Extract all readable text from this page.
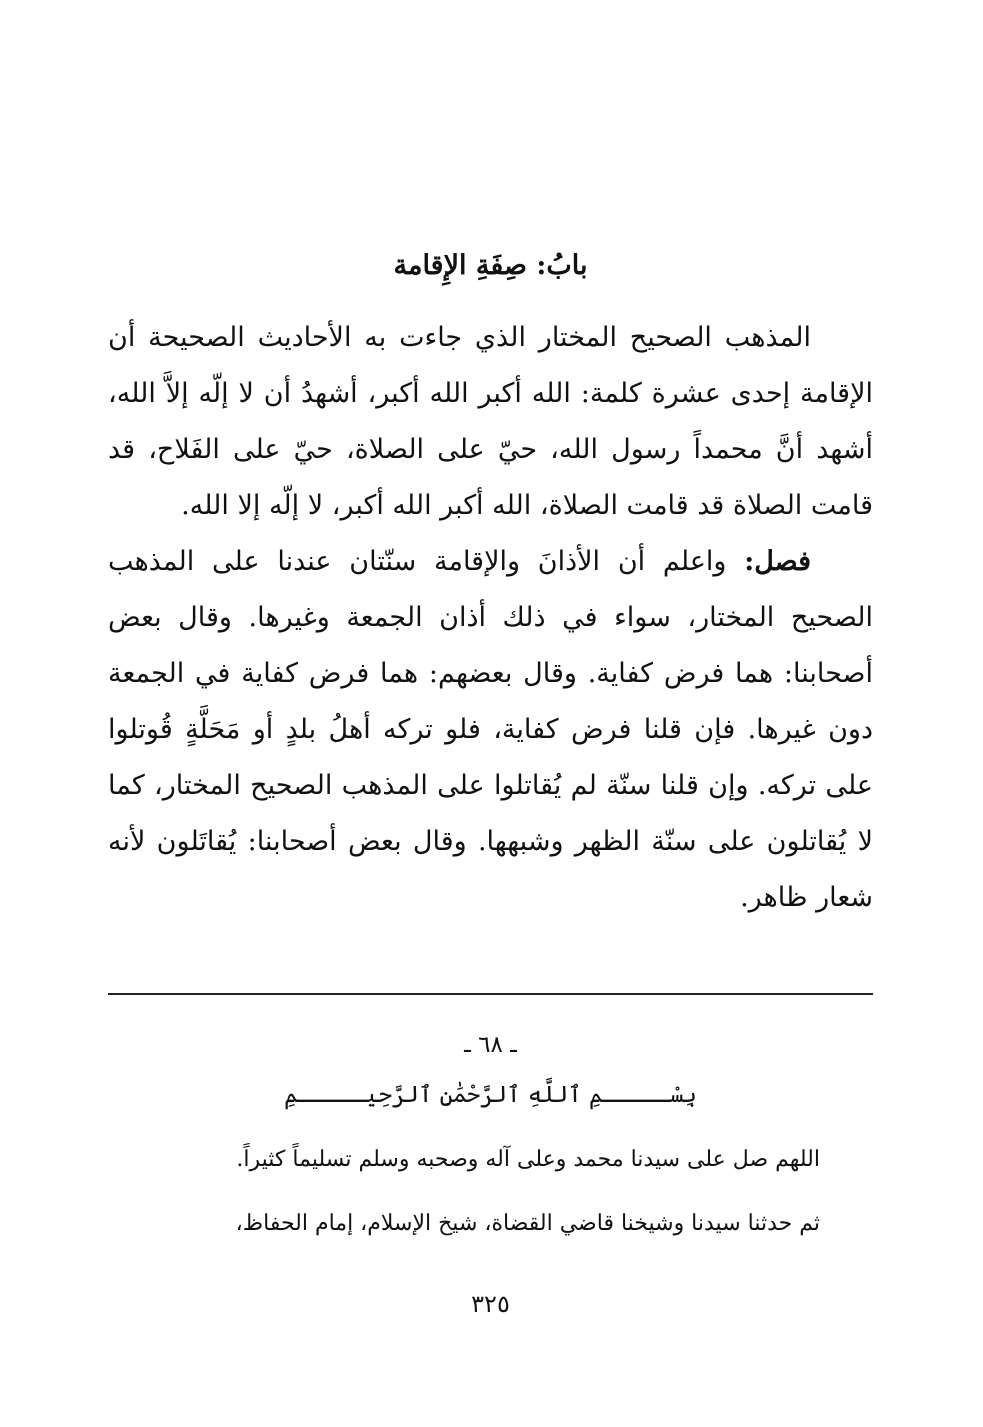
بابُ: صِفَةِ الإِقامة

المذهب الصحيح المختار الذي جاءت به الأحاديث الصحيحة أن الإقامة إحدى عشرة كلمة: الله أكبر الله أكبر، أشهدُ أن لا إلّه إلاَّ الله، أشهد أنَّ محمداً رسول الله، حيّ على الصلاة، حيّ على الفَلاح، قد قامت الصلاة قد قامت الصلاة، الله أكبر الله أكبر، لا إلّه إلا الله.

فصل: واعلم أن الأذانَ والإقامة سنّتان عندنا على المذهب الصحيح المختار، سواء في ذلك أذان الجمعة وغيرها. وقال بعض أصحابنا: هما فرض كفاية. وقال بعضهم: هما فرض كفاية في الجمعة دون غيرها. فإن قلنا فرض كفاية، فلو تركه أهلُ بلدٍ أو مَحَلَّةٍ قُوتلوا على تركه. وإن قلنا سنّة لم يُقاتلوا على المذهب الصحيح المختار، كما لا يُقاتلون على سنّة الظهر وشبهها. وقال بعض أصحابنا: يُقاتَلون لأنه شعار ظاهر.

ـ ٦٨ ـ
بِسْـــــمِ ٱللَّهِ ٱلرَّحْمَٰنِ ٱلرَّحِيـــــمِ
اللهم صل على سيدنا محمد وعلى آله وصحبه وسلم تسليماً كثيراً.
ثم حدثنا سيدنا وشيخنا قاضي القضاة، شيخ الإسلام، إمام الحفاظ،
٣٢٥
